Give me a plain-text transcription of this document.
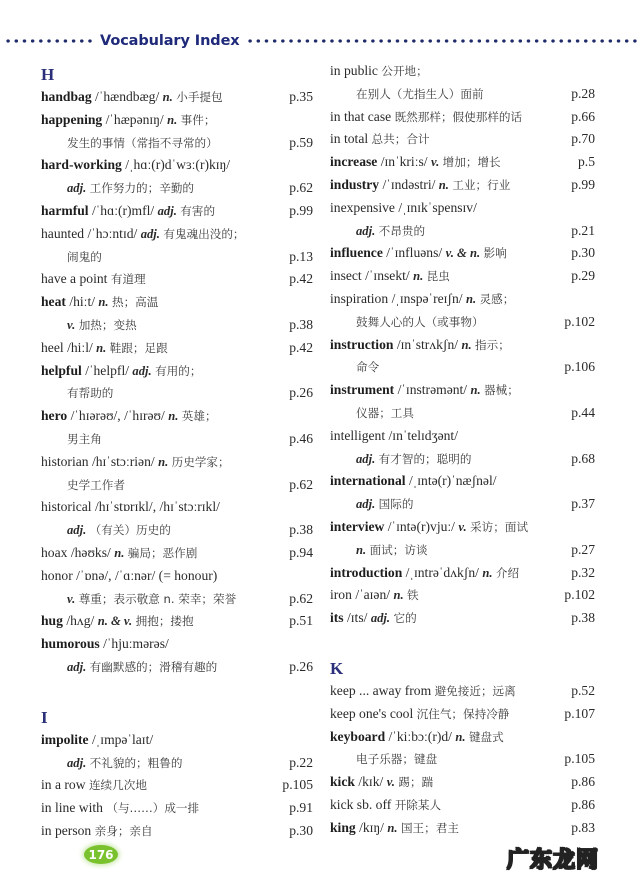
Vocabulary Index
H
handbag /ˈhændbæg/ n. 小手提包	p.35
happening /ˈhæpənɪŋ/ n. 事件；
发生的事情（常指不寻常的）	p.59
hard-working /ˌhɑː(r)dˈwɜː(r)kɪŋ/
adj. 工作努力的；辛勤的	p.62
harmful /ˈhɑː(r)mfl/ adj. 有害的	p.99
haunted /ˈhɔːntɪd/ adj. 有鬼魂出没的；
闹鬼的	p.13
have a point 有道理	p.42
heat /hiːt/ n. 热；高温
v. 加热；变热	p.38
heel /hiːl/ n. 鞋跟；足跟	p.42
helpful /ˈhelpfl/ adj. 有用的；
有帮助的	p.26
hero /ˈhɪərəʊ/, /ˈhɪrəʊ/ n. 英雄；
男主角	p.46
historian /hɪˈstɔːriən/ n. 历史学家；
史学工作者	p.62
historical /hɪˈstɒrɪkl/, /hɪˈstɔːrɪkl/
adj. （有关）历史的	p.38
hoax /həʊks/ n. 骗局；恶作剧	p.94
honor /ˈɒnə/, /ˈɑːnər/ (= honour)
v. 尊重；表示敬意 n. 荣幸；荣誉	p.62
hug /hʌg/ n. & v. 拥抱；搂抱	p.51
humorous /ˈhjuːmərəs/
adj. 有幽默感的；滑稽有趣的	p.26
I
impolite /ˌɪmpəˈlaɪt/
adj. 不礼貌的；粗鲁的	p.22
in a row 连续几次地	p.105
in line with （与……）成一排	p.91
in person 亲身；亲自	p.30
in public 公开地；
在别人（尤指生人）面前	p.28
in that case 既然那样；假使那样的话	p.66
in total 总共；合计	p.70
increase /ɪnˈkriːs/ v. 增加；增长	p.5
industry /ˈɪndəstri/ n. 工业；行业	p.99
inexpensive /ˌɪnɪkˈspensɪv/
adj. 不昂贵的	p.21
influence /ˈɪnfluəns/ v. & n. 影响	p.30
insect /ˈɪnsekt/ n. 昆虫	p.29
inspiration /ˌɪnspəˈreɪʃn/ n. 灵感；
鼓舞人心的人（或事物）	p.102
instruction /ɪnˈstrʌkʃn/ n. 指示；
命令	p.106
instrument /ˈɪnstrəmənt/ n. 器械；
仪器；工具	p.44
intelligent /ɪnˈtelɪdʒənt/
adj. 有才智的；聪明的	p.68
international /ˌɪntə(r)ˈnæʃnəl/
adj. 国际的	p.37
interview /ˈɪntə(r)vjuː/ v. 采访；面试
n. 面试；访谈	p.27
introduction /ˌɪntrəˈdʌkʃn/ n. 介绍	p.32
iron /ˈaɪən/ n. 铁	p.102
its /ɪts/ adj. 它的	p.38
K
keep ... away from 避免接近；远离	p.52
keep one's cool 沉住气；保持冷静	p.107
keyboard /ˈkiːbɔː(r)d/ n. 键盘式
电子乐器；键盘	p.105
kick /kɪk/ v. 踢；踹	p.86
kick sb. off 开除某人	p.86
king /kɪŋ/ n. 国王；君主	p.83
176	广东龙网
